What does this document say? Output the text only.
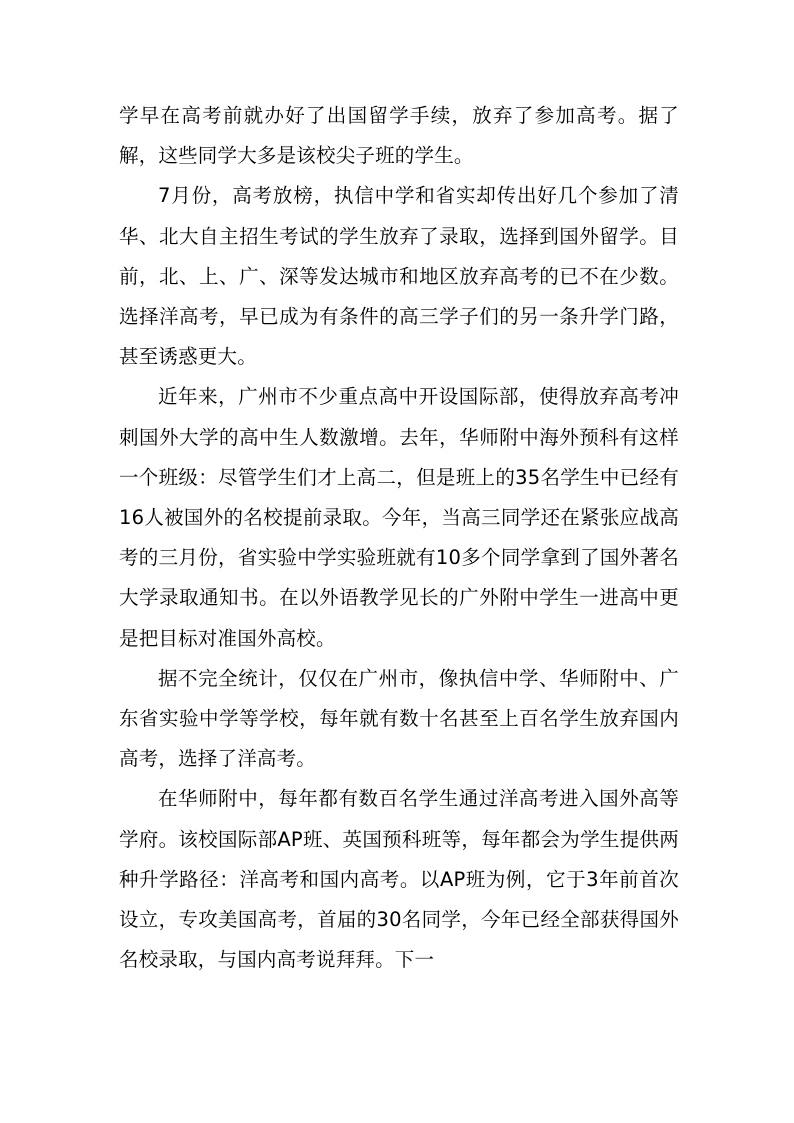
学早在高考前就办好了出国留学手续，放弃了参加高考。据了解，这些同学大多是该校尖子班的学生。

7月份，高考放榜，执信中学和省实却传出好几个参加了清华、北大自主招生考试的学生放弃了录取，选择到国外留学。目前，北、上、广、深等发达城市和地区放弃高考的已不在少数。选择洋高考，早已成为有条件的高三学子们的另一条升学门路，甚至诱惑更大。

近年来，广州市不少重点高中开设国际部，使得放弃高考冲刺国外大学的高中生人数激增。去年，华师附中海外预科有这样一个班级：尽管学生们才上高二，但是班上的35名学生中已经有16人被国外的名校提前录取。今年，当高三同学还在紧张应战高考的三月份，省实验中学实验班就有10多个同学拿到了国外著名大学录取通知书。在以外语教学见长的广外附中学生一进高中更是把目标对准国外高校。

据不完全统计，仅仅在广州市，像执信中学、华师附中、广东省实验中学等学校，每年就有数十名甚至上百名学生放弃国内高考，选择了洋高考。

在华师附中，每年都有数百名学生通过洋高考进入国外高等学府。该校国际部AP班、英国预科班等，每年都会为学生提供两种升学路径：洋高考和国内高考。以AP班为例，它于3年前首次设立，专攻美国高考，首届的30名同学，今年已经全部获得国外名校录取，与国内高考说拜拜。下一
